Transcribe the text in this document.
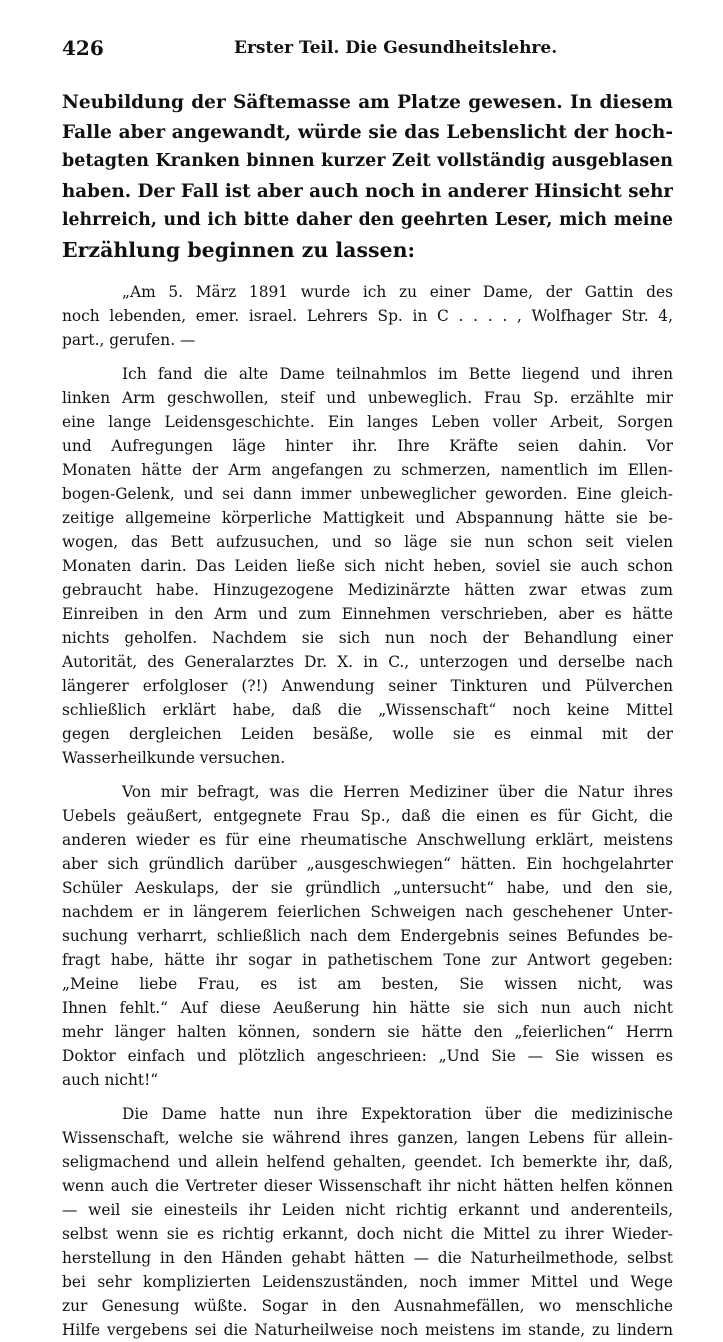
426	Erster Teil. Die Gesundheitslehre.
Neubildung der Säftemasse am Platze gewesen. In diesem
Falle aber angewandt, würde sie das Lebenslicht der hoch-
betagten Kranken binnen kurzer Zeit vollständig ausgeblasen
haben. Der Fall ist aber auch noch in anderer Hinsicht sehr
lehrreich, und ich bitte daher den geehrten Leser, mich meine
Erzählung beginnen zu lassen:
„Am 5. März 1891 wurde ich zu einer Dame, der Gattin des
noch lebenden, emer. israel. Lehrers Sp. in C . . . . , Wolfhager Str. 4,
part., gerufen. —
Ich fand die alte Dame teilnahmlos im Bette liegend und ihren
linken Arm geschwollen, steif und unbeweglich. Frau Sp. erzählte mir
eine lange Leidensgeschichte. Ein langes Leben voller Arbeit, Sorgen
und Aufregungen läge hinter ihr. Ihre Kräfte seien dahin. Vor
Monaten hätte der Arm angefangen zu schmerzen, namentlich im Ellen-
bogen-Gelenk, und sei dann immer unbeweglicher geworden. Eine gleich-
zeitige allgemeine körperliche Mattigkeit und Abspannung hätte sie be-
wogen, das Bett aufzusuchen, und so läge sie nun schon seit vielen
Monaten darin. Das Leiden ließe sich nicht heben, soviel sie auch schon
gebraucht habe. Hinzugezogene Medizinärzte hätten zwar etwas zum
Einreiben in den Arm und zum Einnehmen verschrieben, aber es hätte
nichts geholfen. Nachdem sie sich nun noch der Behandlung einer
Autorität, des Generalarztes Dr. X. in C., unterzogen und derselbe nach
längerer erfolgloser (?!) Anwendung seiner Tinkturen und Pülverchen
schließlich erklärt habe, daß die „Wissenschaft“ noch keine Mittel
gegen dergleichen Leiden besäße, wolle sie es einmal mit der
Wasserheilkunde versuchen.
Von mir befragt, was die Herren Mediziner über die Natur ihres
Uebels geäußert, entgegnete Frau Sp., daß die einen es für Gicht, die
anderen wieder es für eine rheumatische Anschwellung erklärt, meistens
aber sich gründlich darüber „ausgeschwiegen“ hätten. Ein hochgelahrter
Schüler Aeskulaps, der sie gründlich „untersucht“ habe, und den sie,
nachdem er in längerem feierlichen Schweigen nach geschehener Unter-
suchung verharrt, schließlich nach dem Endergebnis seines Befundes be-
fragt habe, hätte ihr sogar in pathetischem Tone zur Antwort gegeben:
„Meine liebe Frau, es ist am besten, Sie wissen nicht, was
Ihnen fehlt.“ Auf diese Aeußerung hin hätte sie sich nun auch nicht
mehr länger halten können, sondern sie hätte den „feierlichen“ Herrn
Doktor einfach und plötzlich angeschrieen: „Und Sie — Sie wissen es
auch nicht!“
Die Dame hatte nun ihre Expektoration über die medizinische
Wissenschaft, welche sie während ihres ganzen, langen Lebens für allein-
seligmachend und allein helfend gehalten, geendet. Ich bemerkte ihr, daß,
wenn auch die Vertreter dieser Wissenschaft ihr nicht hätten helfen können
— weil sie einesteils ihr Leiden nicht richtig erkannt und anderenteils,
selbst wenn sie es richtig erkannt, doch nicht die Mittel zu ihrer Wieder-
herstellung in den Händen gehabt hätten — die Naturheilmethode, selbst
bei sehr komplizierten Leidenszuständen, noch immer Mittel und Wege
zur Genesung wüßte. Sogar in den Ausnahmefällen, wo menschliche
Hilfe vergebens sei die Naturheilweise noch meistens im stande, zu lindern
